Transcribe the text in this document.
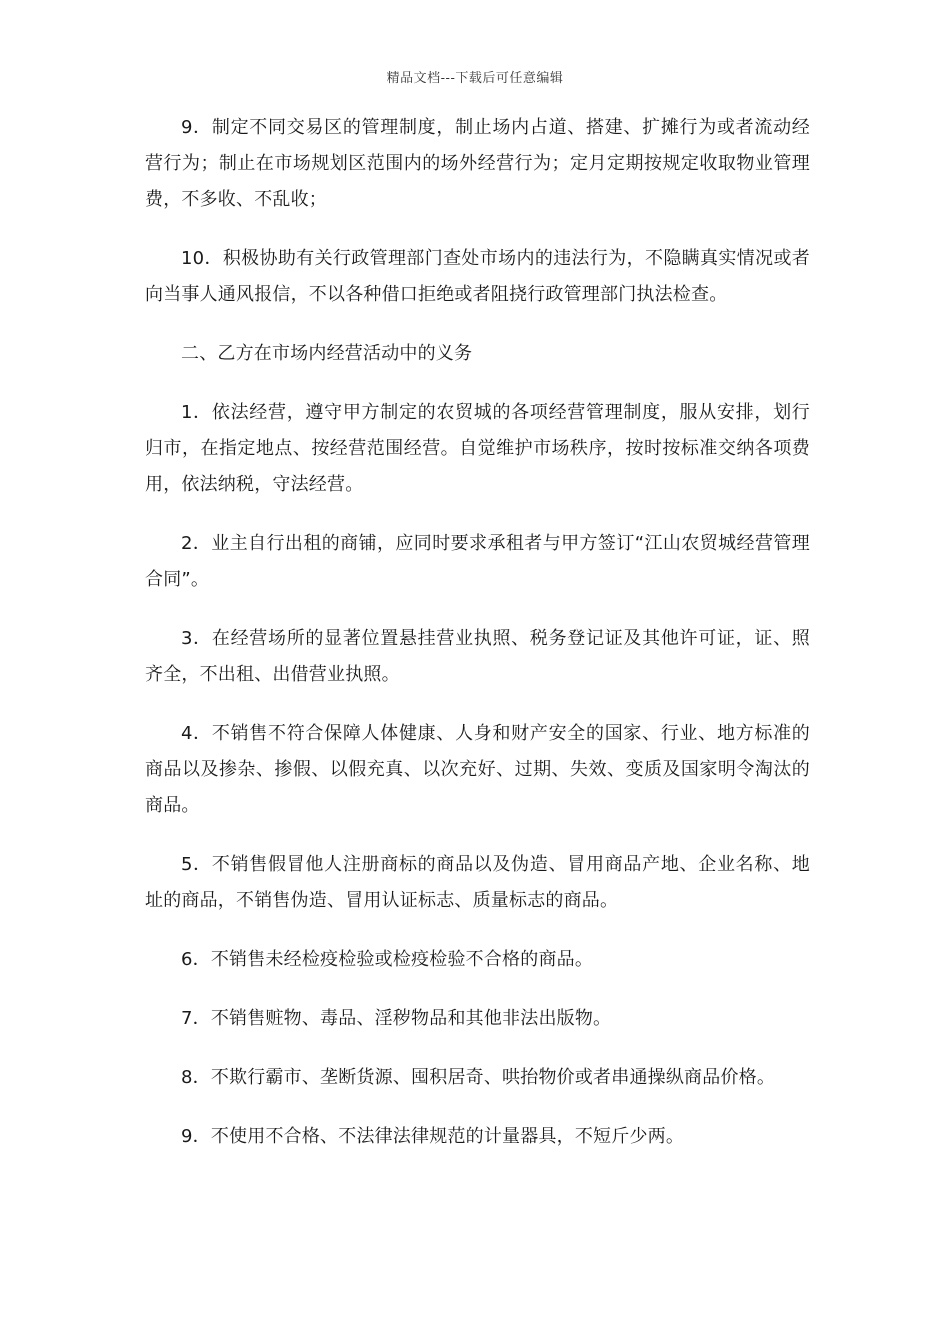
精品文档---下载后可任意编辑

9．制定不同交易区的管理制度，制止场内占道、搭建、扩摊行为或者流动经营行为；制止在市场规划区范围内的场外经营行为；定月定期按规定收取物业管理费，不多收、不乱收；

10．积极协助有关行政管理部门查处市场内的违法行为，不隐瞒真实情况或者向当事人通风报信，不以各种借口拒绝或者阻挠行政管理部门执法检查。

二、乙方在市场内经营活动中的义务

1．依法经营，遵守甲方制定的农贸城的各项经营管理制度，服从安排，划行归市，在指定地点、按经营范围经营。自觉维护市场秩序，按时按标准交纳各项费用，依法纳税，守法经营。

2．业主自行出租的商铺，应同时要求承租者与甲方签订“江山农贸城经营管理合同”。

3．在经营场所的显著位置悬挂营业执照、税务登记证及其他许可证，证、照齐全，不出租、出借营业执照。

4．不销售不符合保障人体健康、人身和财产安全的国家、行业、地方标准的商品以及掺杂、掺假、以假充真、以次充好、过期、失效、变质及国家明令淘汰的商品。

5．不销售假冒他人注册商标的商品以及伪造、冒用商品产地、企业名称、地址的商品，不销售伪造、冒用认证标志、质量标志的商品。

6．不销售未经检疫检验或检疫检验不合格的商品。

7．不销售赃物、毒品、淫秽物品和其他非法出版物。

8．不欺行霸市、垄断货源、囤积居奇、哄抬物价或者串通操纵商品价格。

9．不使用不合格、不法律法律规范的计量器具，不短斤少两。
